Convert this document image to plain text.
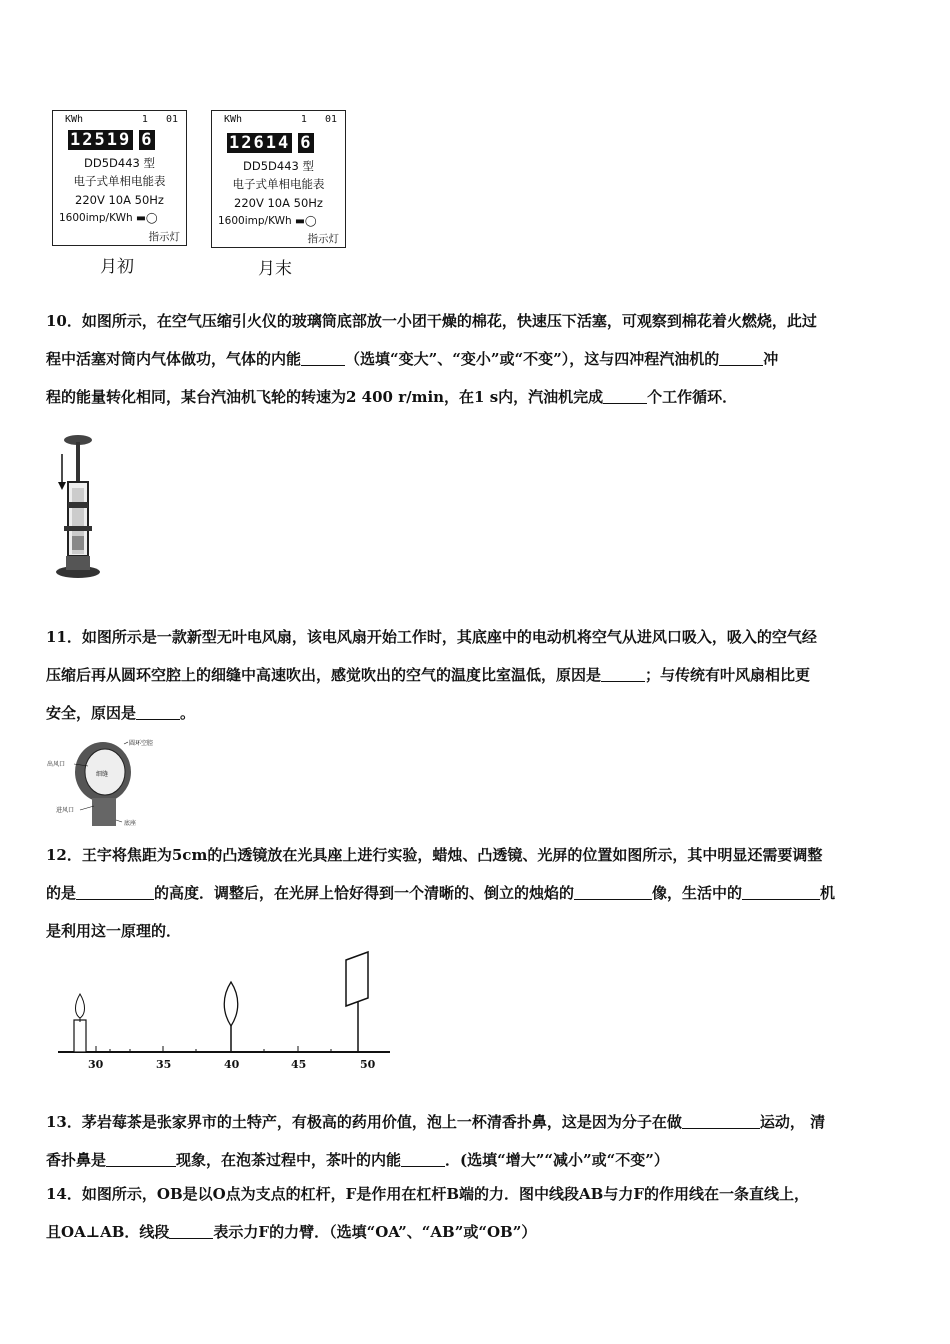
KWh	1 01
12519 6
DD5D443 型
电子式单相电能表
220V 10A 50Hz
1600imp/KWh ▬◯
指示灯
月初
KWh	1 01
12614 6
DD5D443 型
电子式单相电能表
220V 10A 50Hz
1600imp/KWh ▬◯
指示灯
月末

10．如图所示，在空气压缩引火仪的玻璃筒底部放一小团干燥的棉花，快速压下活塞，可观察到棉花着火燃烧，此过

程中活塞对筒内气体做功，气体的内能	（选填“变大”、“变小”或“不变”），这与四冲程汽油机的	冲

程的能量转化相同，某台汽油机飞轮的转速为2 400 r/min，在1 s内，汽油机完成	个工作循环．

11．如图所示是一款新型无叶电风扇，该电风扇开始工作时，其底座中的电动机将空气从进风口吸入，吸入的空气经

压缩后再从圆环空腔上的细缝中高速吹出，感觉吹出的空气的温度比室温低，原因是	；与传统有叶风扇相比更

安全，原因是	。

圆环空腔
出风口
细缝
进风口
底座

12．王宇将焦距为5cm的凸透镜放在光具座上进行实验，蜡烛、凸透镜、光屏的位置如图所示，其中明显还需要调整

的是	的高度．调整后，在光屏上恰好得到一个清晰的、倒立的烛焰的	像，生活中的	机

是利用这一原理的．

30	35	40	45	50

13．茅岩莓茶是张家界市的土特产，有极高的药用价值，泡上一杯清香扑鼻，这是因为分子在做	运动， 清

香扑鼻是	现象，在泡茶过程中，茶叶的内能	．(选填“增大”“减小”或“不变”）

14．如图所示，OB是以O点为支点的杠杆，F是作用在杠杆B端的力．图中线段AB与力F的作用线在一条直线上，

且OA⊥AB．线段	表示力F的力臂．（选填“OA”、“AB”或“OB”）
